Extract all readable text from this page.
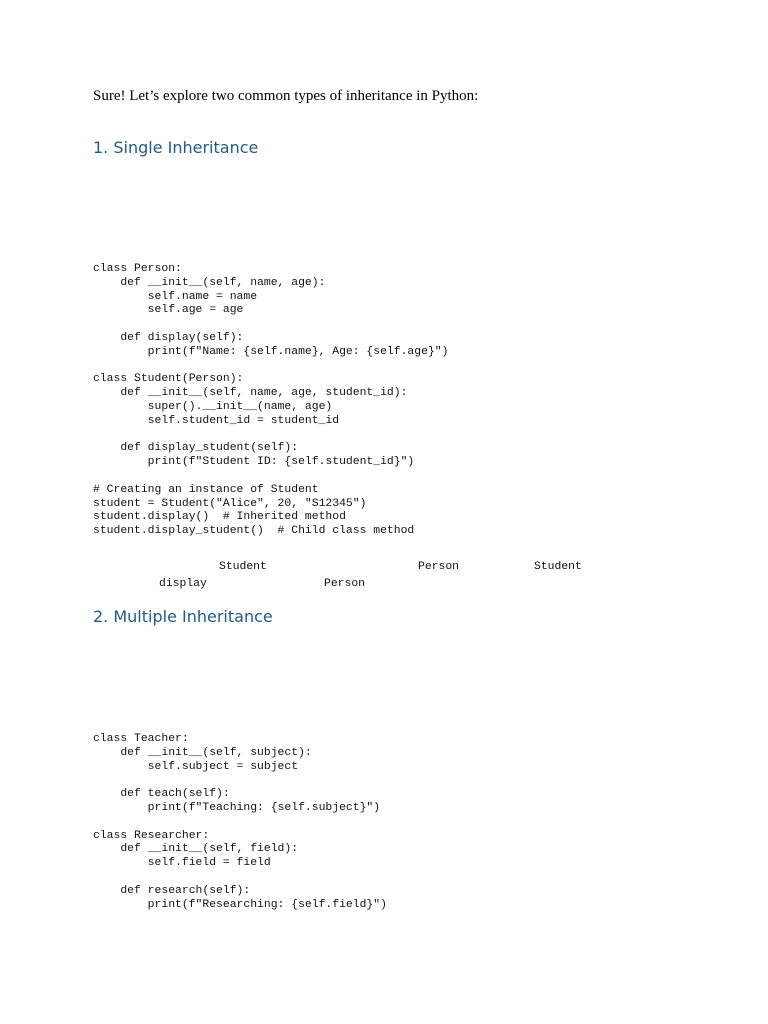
Sure! Let’s explore two common types of inheritance in Python:
1. Single Inheritance
class Person:
def __init__(self, name, age):
self.name = name
self.age = age

def display(self):
print(f"Name: {self.name}, Age: {self.age}")

class Student(Person):
def __init__(self, name, age, student_id):
super().__init__(name, age)
self.student_id = student_id

def display_student(self):
print(f"Student ID: {self.student_id}")

# Creating an instance of Student
student = Student("Alice", 20, "S12345")
student.display()  # Inherited method
student.display_student()  # Child class method
Student	Person	Student
display	Person
2. Multiple Inheritance
class Teacher:
def __init__(self, subject):
self.subject = subject

def teach(self):
print(f"Teaching: {self.subject}")

class Researcher:
def __init__(self, field):
self.field = field

def research(self):
print(f"Researching: {self.field}")
